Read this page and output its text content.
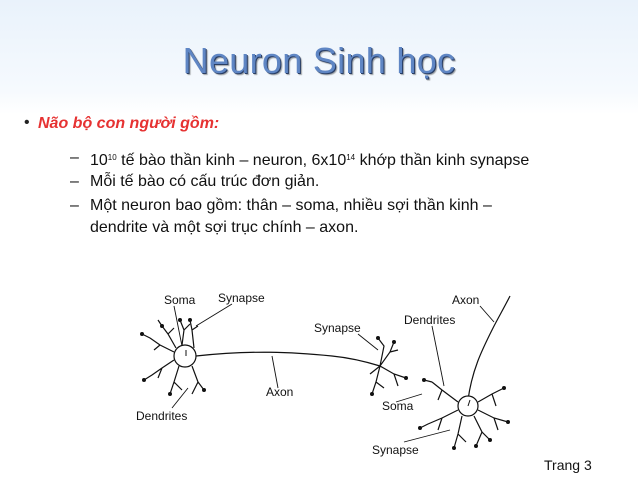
Neuron Sinh học
• Não bộ con người gồm:
– $10^{10}$ tế bào thần kinh – neuron, $6x10^{14}$ khớp thần kinh synapse
– Mỗi tế bào có cấu trúc đơn giản.
– Một neuron bao gồm: thân – soma, nhiều sợi thần kinh –
dendrite và một sợi trục chính – axon.
Soma Synapse	Axon
Dendrites
Synapse
Axon
Dendrites
Soma
Synapse
Trang 3
